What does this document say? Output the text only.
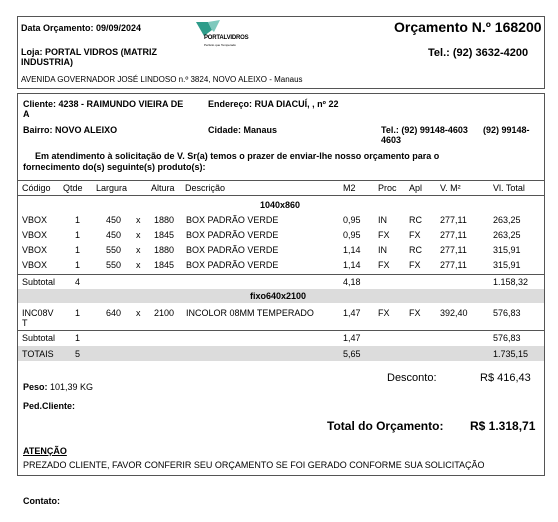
Data Orçamento: 09/09/2024
PORTALVIDROS
Perfeito que Temperado
Orçamento N.º 168200
Loja: PORTAL VIDROS (MATRIZ
INDUSTRIA)
Tel.: (92) 3632-4200
AVENIDA GOVERNADOR JOSÉ LINDOSO n.º 3824, NOVO ALEIXO - Manaus
Cliente: 4238 - RAIMUNDO VIEIRA DE
A
Endereço: RUA DIACUÍ, , nº 22
Bairro: NOVO ALEIXO	Cidade: Manaus	Tel.: (92) 99148-4603
4603
(92) 99148-
Em atendimento à solicitação de V. Sr(a) temos o prazer de enviar-lhe nosso orçamento para o
fornecimento do(s) seguinte(s) produto(s):
Código Qtde Largura	Altura Descrição	M2 Proc Apl V. M²	Vl. Total
1040x860
VBOX	1	450 x 1880 BOX PADRÃO VERDE	0,95 IN RC 277,11	263,25
VBOX	1	450 x 1845 BOX PADRÃO VERDE	0,95 FX FX 277,11	263,25
VBOX	1	550 x 1880 BOX PADRÃO VERDE	1,14 IN RC 277,11	315,91
VBOX	1	550 x 1845 BOX PADRÃO VERDE	1,14 FX FX 277,11	315,91
Subtotal 4	4,18	1.158,32
fixo640x2100
INC08V
T
1	640 x 2100 INCOLOR 08MM TEMPERADO	1,47 FX FX 392,40	576,83
Subtotal 1	1,47	576,83
TOTAIS 5	5,65	1.735,15
Desconto:	R$ 416,43
Peso: 101,39 KG
Ped.Cliente:
Total do Orçamento: R$ 1.318,71
ATENÇÃO
PREZADO CLIENTE, FAVOR CONFERIR SEU ORÇAMENTO SE FOI GERADO CONFORME SUA SOLICITAÇÃO
Contato:
